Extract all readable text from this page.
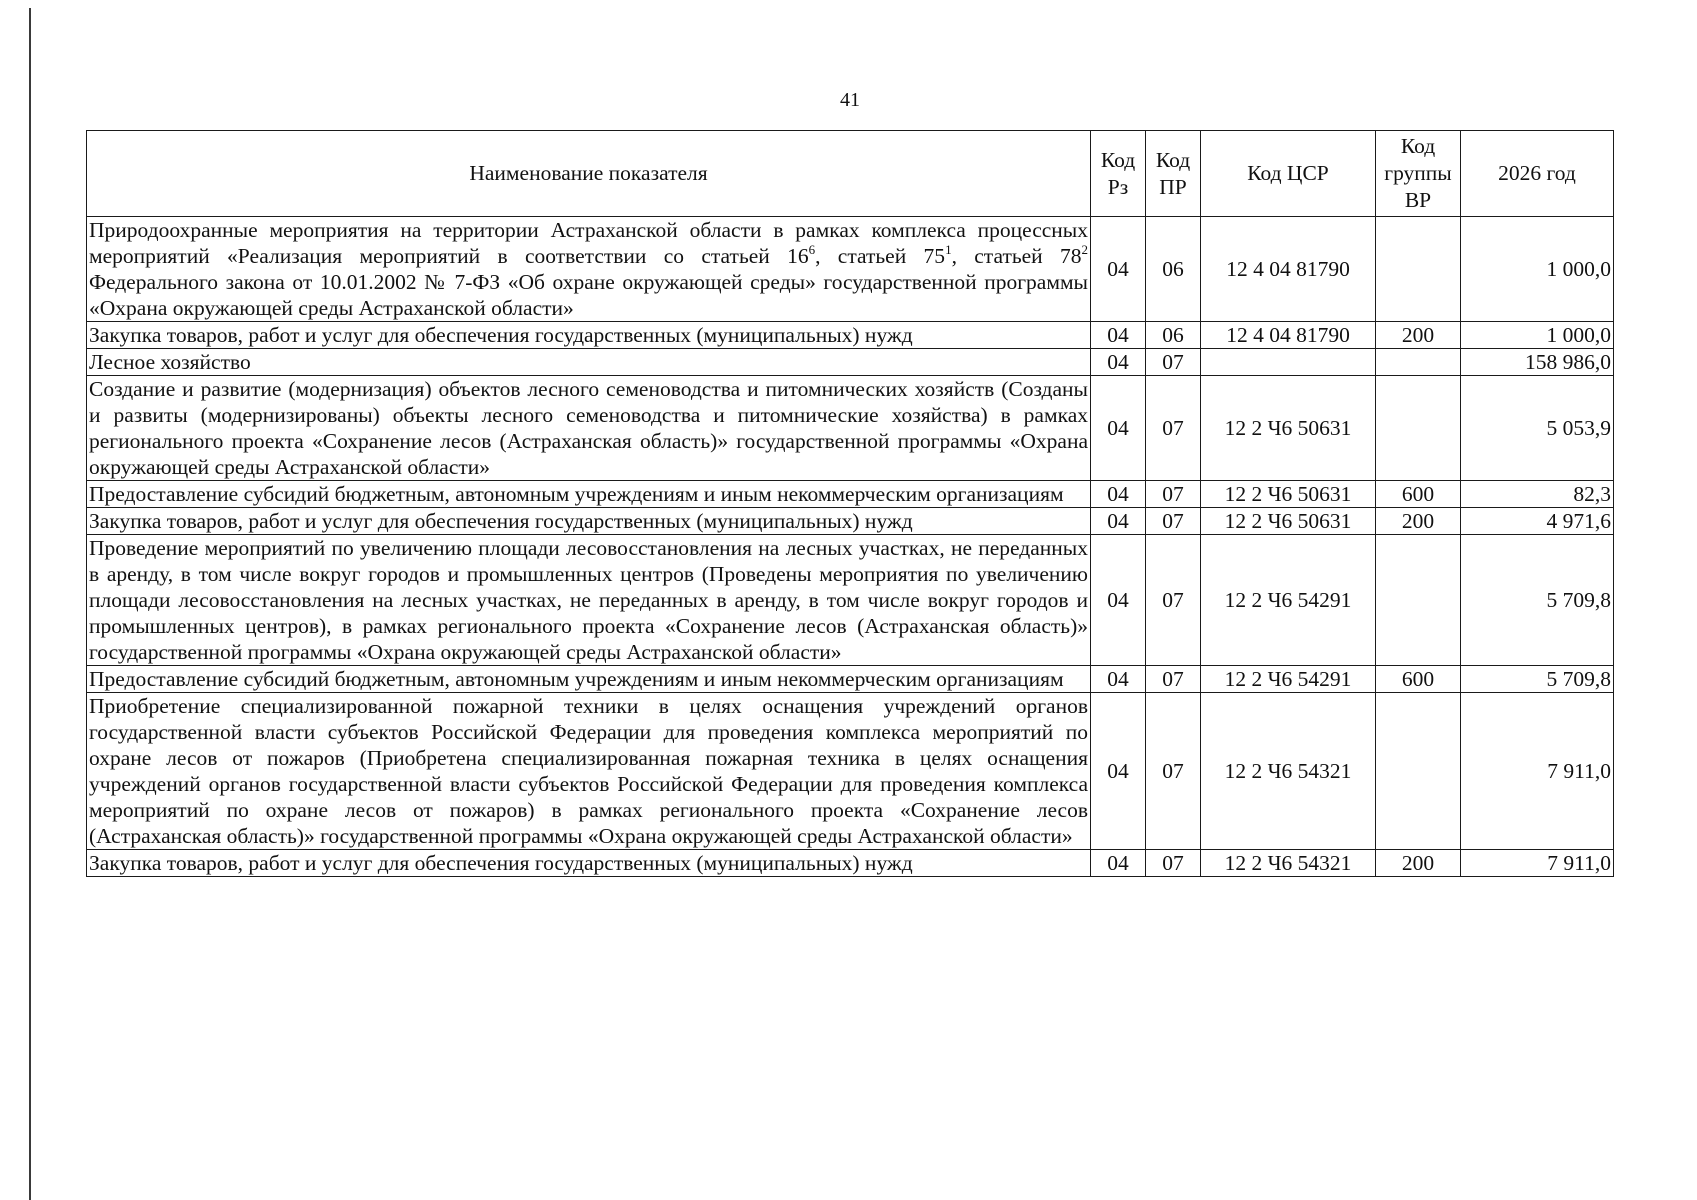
41
Наименование показателя	Код Рз	Код ПР	Код ЦСР	Код группы ВР	2026 год
Природоохранные мероприятия на территории Астраханской области в рамках комплекса процессных мероприятий «Реализация мероприятий в соответствии со статьей $16^6$, статьей $75^1$, статьей $78^2$ Федерального закона от 10.01.2002 № 7-ФЗ «Об охране окружающей среды» государственной программы «Охрана окружающей среды Астраханской области»	04	06	12 4 04 81790		1 000,0
Закупка товаров, работ и услуг для обеспечения государственных (муниципальных) нужд	04	06	12 4 04 81790	200	1 000,0
Лесное хозяйство	04	07			158 986,0
Создание и развитие (модернизация) объектов лесного семеноводства и питомнических хозяйств (Созданы и развиты (модернизированы) объекты лесного семеноводства и питомнические хозяйства) в рамках регионального проекта «Сохранение лесов (Астраханская область)» государственной программы «Охрана окружающей среды Астраханской области»	04	07	12 2 Ч6 50631		5 053,9
Предоставление субсидий бюджетным, автономным учреждениям и иным некоммерческим организациям	04	07	12 2 Ч6 50631	600	82,3
Закупка товаров, работ и услуг для обеспечения государственных (муниципальных) нужд	04	07	12 2 Ч6 50631	200	4 971,6
Проведение мероприятий по увеличению площади лесовосстановления на лесных участках, не переданных в аренду, в том числе вокруг городов и промышленных центров (Проведены мероприятия по увеличению площади лесовосстановления на лесных участках, не переданных в аренду, в том числе вокруг городов и промышленных центров), в рамках регионального проекта «Сохранение лесов (Астраханская область)» государственной программы «Охрана окружающей среды Астраханской области»	04	07	12 2 Ч6 54291		5 709,8
Предоставление субсидий бюджетным, автономным учреждениям и иным некоммерческим организациям	04	07	12 2 Ч6 54291	600	5 709,8
Приобретение специализированной пожарной техники в целях оснащения учреждений органов государственной власти субъектов Российской Федерации для проведения комплекса мероприятий по охране лесов от пожаров (Приобретена специализированная пожарная техника в целях оснащения учреждений органов государственной власти субъектов Российской Федерации для проведения комплекса мероприятий по охране лесов от пожаров) в рамках регионального проекта «Сохранение лесов (Астраханская область)» государственной программы «Охрана окружающей среды Астраханской области»	04	07	12 2 Ч6 54321		7 911,0
Закупка товаров, работ и услуг для обеспечения государственных (муниципальных) нужд	04	07	12 2 Ч6 54321	200	7 911,0
